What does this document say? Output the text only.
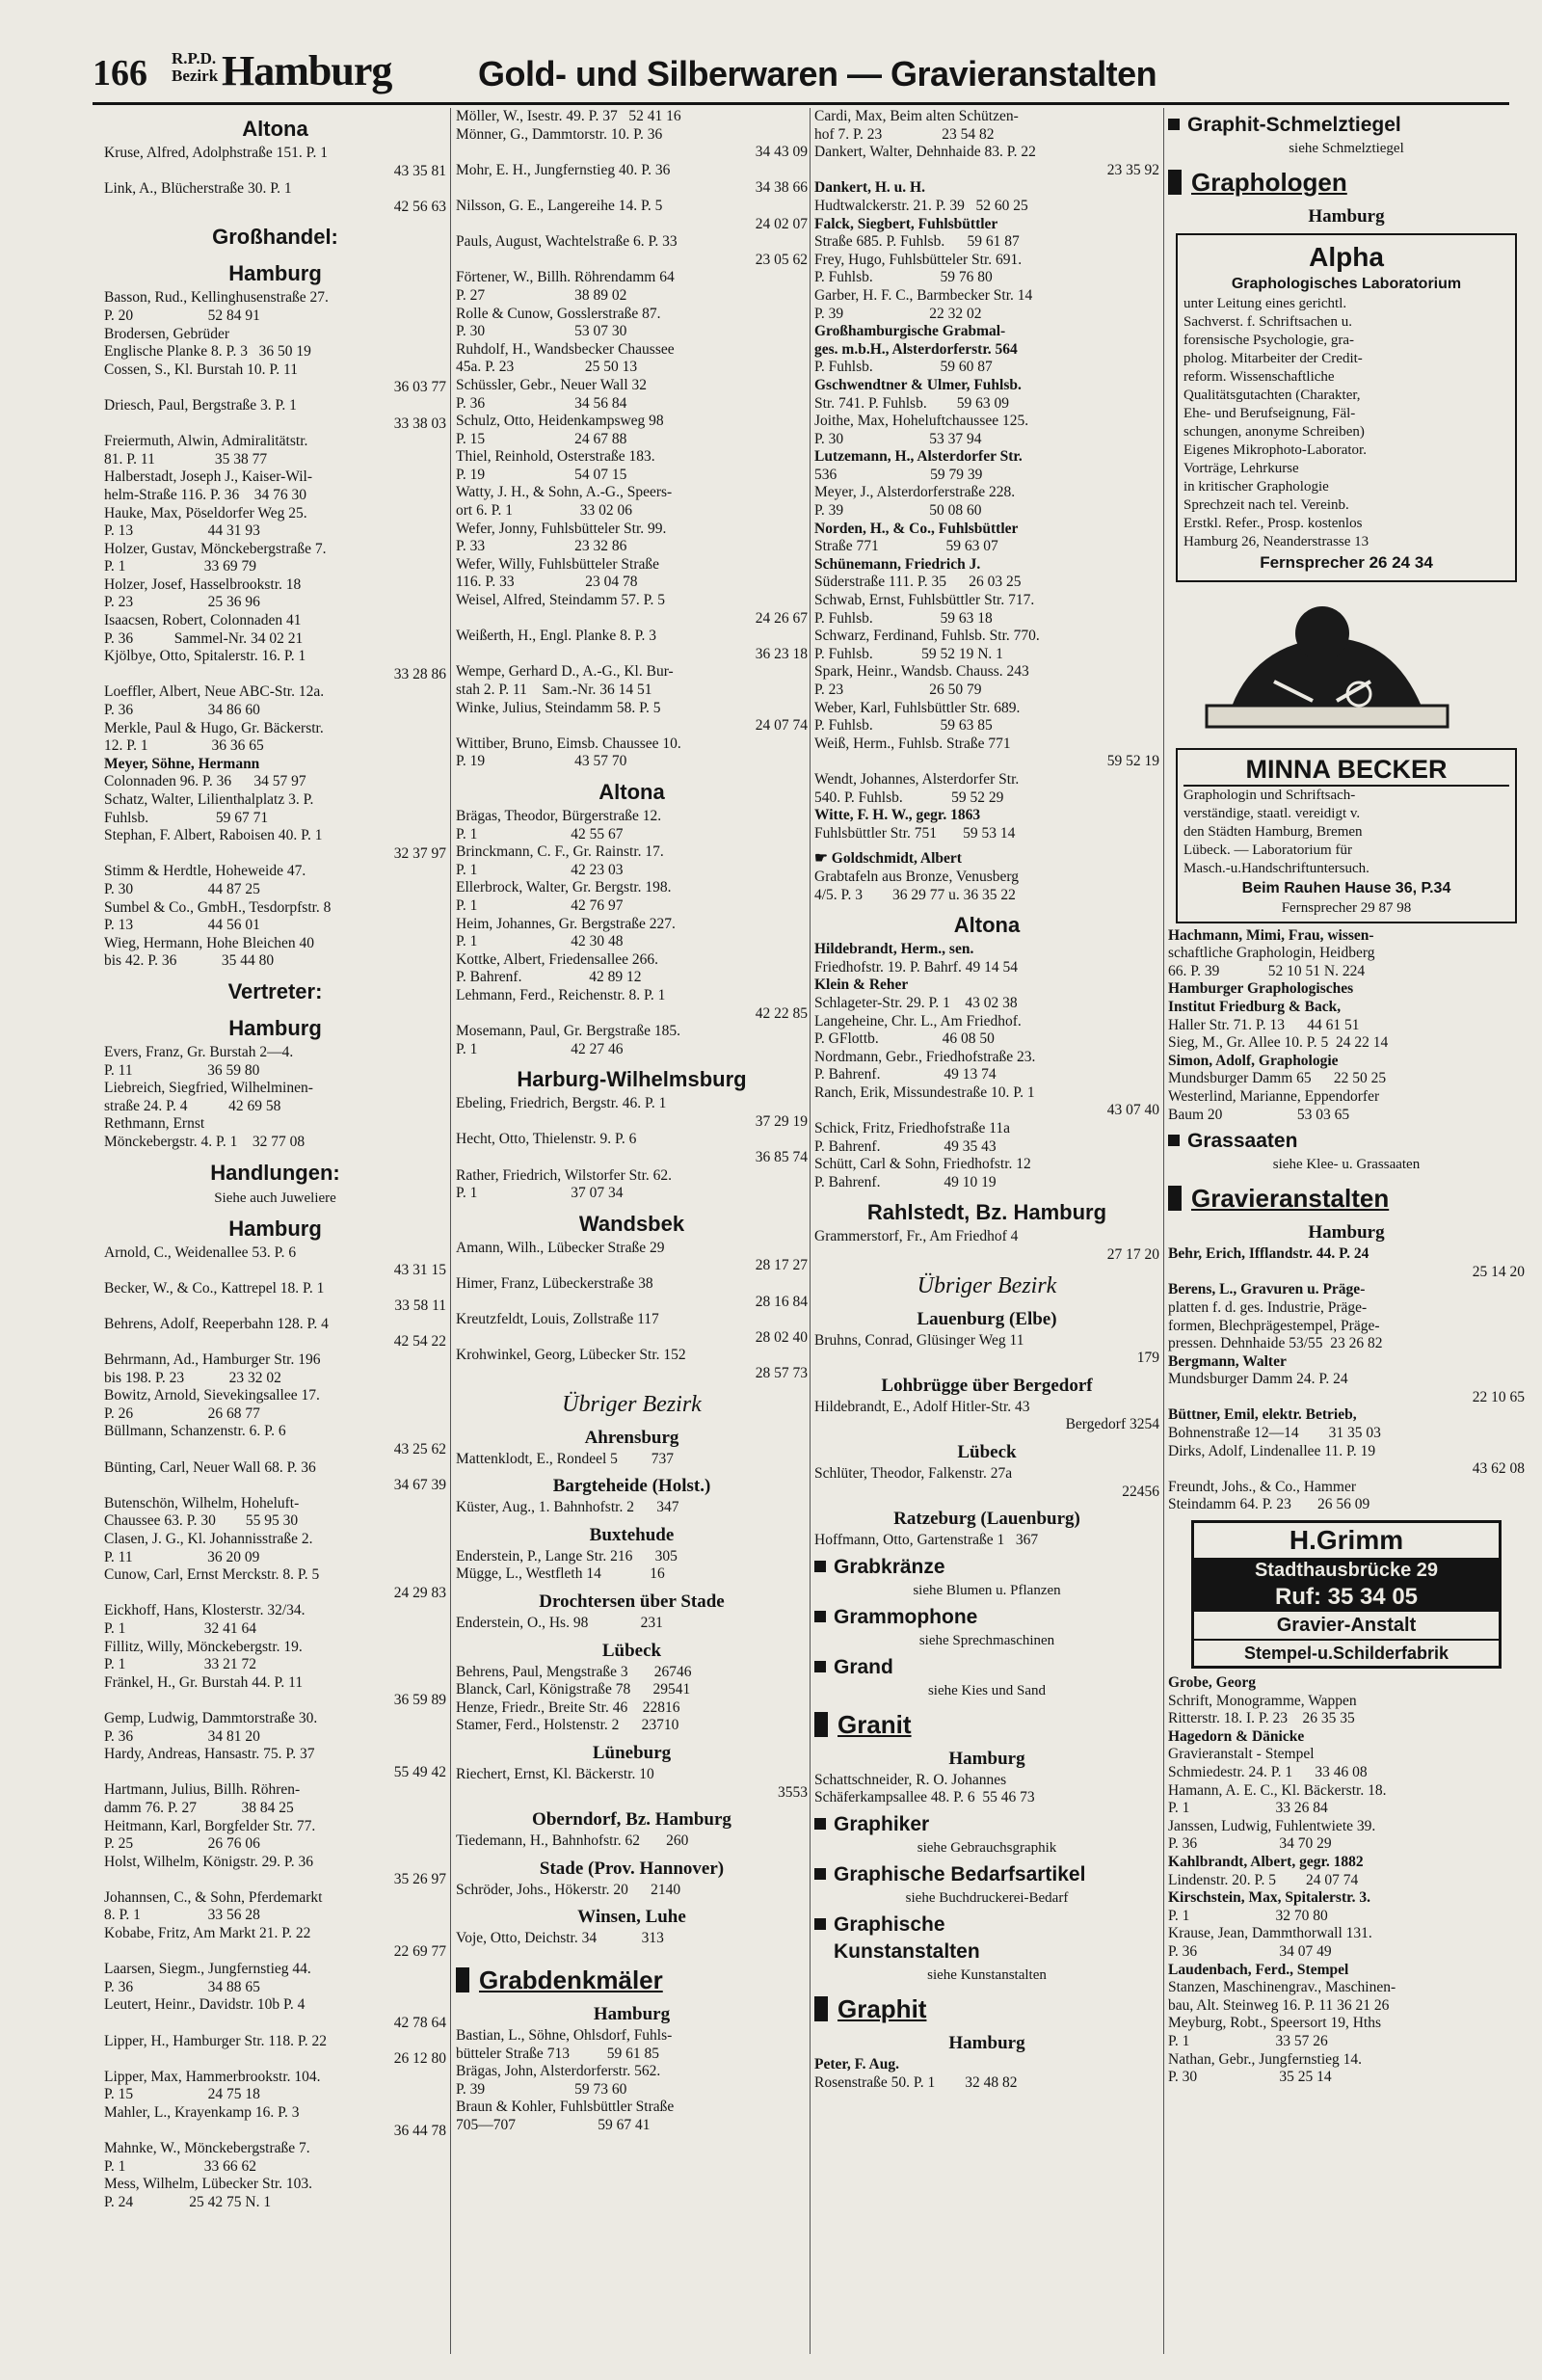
166 R.P.D.
Bezirk Hamburg Gold- und Silberwaren — Gravieranstalten
Altona
Kruse, Alfred, Adolphstraße 151. P. 1
43 35 81
Link, A., Blücherstraße 30. P. 1
42 56 63
Großhandel:
Hamburg
Basson, Rud., Kellinghusenstraße 27.
P. 20                    52 84 91
Brodersen, Gebrüder
Englische Planke 8. P. 3   36 50 19
Cossen, S., Kl. Burstah 10. P. 11
36 03 77
Driesch, Paul, Bergstraße 3. P. 1
33 38 03
Freiermuth, Alwin, Admiralitätstr.
81. P. 11                35 38 77
Halberstadt, Joseph J., Kaiser-Wil-
helm-Straße 116. P. 36    34 76 30
Hauke, Max, Pöseldorfer Weg 25.
P. 13                    44 31 93
Holzer, Gustav, Mönckebergstraße 7.
P. 1                     33 69 79
Holzer, Josef, Hasselbrookstr. 18
P. 23                    25 36 96
Isaacsen, Robert, Colonnaden 41
P. 36           Sammel-Nr. 34 02 21
Kjölbye, Otto, Spitalerstr. 16. P. 1
33 28 86
Loeffler, Albert, Neue ABC-Str. 12a.
P. 36                    34 86 60
Merkle, Paul & Hugo, Gr. Bäckerstr.
12. P. 1                 36 36 65
Meyer, Söhne, Hermann
Colonnaden 96. P. 36      34 57 97
Schatz, Walter, Lilienthalplatz 3. P.
Fuhlsb.                  59 67 71
Stephan, F. Albert, Raboisen 40. P. 1
32 37 97
Stimm & Herdtle, Hoheweide 47.
P. 30                    44 87 25
Sumbel & Co., GmbH., Tesdorpfstr. 8
P. 13                    44 56 01
Wieg, Hermann, Hohe Bleichen 40
bis 42. P. 36            35 44 80
Vertreter:
Hamburg
Evers, Franz, Gr. Burstah 2—4.
P. 11                    36 59 80
Liebreich, Siegfried, Wilhelminen-
straße 24. P. 4           42 69 58
Rethmann, Ernst
Mönckebergstr. 4. P. 1    32 77 08
Handlungen:
Siehe auch Juweliere
Hamburg
Arnold, C., Weidenallee 53. P. 6
43 31 15
Becker, W., & Co., Kattrepel 18. P. 1
33 58 11
Behrens, Adolf, Reeperbahn 128. P. 4
42 54 22
Behrmann, Ad., Hamburger Str. 196
bis 198. P. 23            23 32 02
Bowitz, Arnold, Sievekingsallee 17.
P. 26                    26 68 77
Büllmann, Schanzenstr. 6. P. 6
43 25 62
Bünting, Carl, Neuer Wall 68. P. 36
34 67 39
Butenschön, Wilhelm, Hoheluft-
Chaussee 63. P. 30        55 95 30
Clasen, J. G., Kl. Johannisstraße 2.
P. 11                    36 20 09
Cunow, Carl, Ernst Merckstr. 8. P. 5
24 29 83
Eickhoff, Hans, Klosterstr. 32/34.
P. 1                     32 41 64
Fillitz, Willy, Mönckebergstr. 19.
P. 1                     33 21 72
Fränkel, H., Gr. Burstah 44. P. 11
36 59 89
Gemp, Ludwig, Dammtorstraße 30.
P. 36                    34 81 20
Hardy, Andreas, Hansastr. 75. P. 37
55 49 42
Hartmann, Julius, Billh. Röhren-
damm 76. P. 27            38 84 25
Heitmann, Karl, Borgfelder Str. 77.
P. 25                    26 76 06
Holst, Wilhelm, Königstr. 29. P. 36
35 26 97
Johannsen, C., & Sohn, Pferdemarkt
8. P. 1                  33 56 28
Kobabe, Fritz, Am Markt 21. P. 22
22 69 77
Laarsen, Siegm., Jungfernstieg 44.
P. 36                    34 88 65
Leutert, Heinr., Davidstr. 10b P. 4
42 78 64
Lipper, H., Hamburger Str. 118. P. 22
26 12 80
Lipper, Max, Hammerbrookstr. 104.
P. 15                    24 75 18
Mahler, L., Krayenkamp 16. P. 3
36 44 78
Mahnke, W., Mönckebergstraße 7.
P. 1                     33 66 62
Mess, Wilhelm, Lübecker Str. 103.
P. 24               25 42 75 N. 1
Möller, W., Isestr. 49. P. 37   52 41 16
Mönner, G., Dammtorstr. 10. P. 36
34 43 09
Mohr, E. H., Jungfernstieg 40. P. 36
34 38 66
Nilsson, G. E., Langereihe 14. P. 5
24 02 07
Pauls, August, Wachtelstraße 6. P. 33
23 05 62
Förtener, W., Billh. Röhrendamm 64
P. 27                        38 89 02
Rolle & Cunow, Gosslerstraße 87.
P. 30                        53 07 30
Ruhdolf, H., Wandsbecker Chaussee
45a. P. 23                   25 50 13
Schüssler, Gebr., Neuer Wall 32
P. 36                        34 56 84
Schulz, Otto, Heidenkampsweg 98
P. 15                        24 67 88
Thiel, Reinhold, Osterstraße 183.
P. 19                        54 07 15
Watty, J. H., & Sohn, A.-G., Speers-
ort 6. P. 1                  33 02 06
Wefer, Jonny, Fuhlsbütteler Str. 99.
P. 33                        23 32 86
Wefer, Willy, Fuhlsbütteler Straße
116. P. 33                   23 04 78
Weisel, Alfred, Steindamm 57. P. 5
24 26 67
Weißerth, H., Engl. Planke 8. P. 3
36 23 18
Wempe, Gerhard D., A.-G., Kl. Bur-
stah 2. P. 11    Sam.-Nr. 36 14 51
Winke, Julius, Steindamm 58. P. 5
24 07 74
Wittiber, Bruno, Eimsb. Chaussee 10.
P. 19                        43 57 70
Altona
Brägas, Theodor, Bürgerstraße 12.
P. 1                         42 55 67
Brinckmann, C. F., Gr. Rainstr. 17.
P. 1                         42 23 03
Ellerbrock, Walter, Gr. Bergstr. 198.
P. 1                         42 76 97
Heim, Johannes, Gr. Bergstraße 227.
P. 1                         42 30 48
Kottke, Albert, Friedensallee 266.
P. Bahrenf.                  42 89 12
Lehmann, Ferd., Reichenstr. 8. P. 1
42 22 85
Mosemann, Paul, Gr. Bergstraße 185.
P. 1                         42 27 46
Harburg-Wilhelmsburg
Ebeling, Friedrich, Bergstr. 46. P. 1
37 29 19
Hecht, Otto, Thielenstr. 9. P. 6
36 85 74
Rather, Friedrich, Wilstorfer Str. 62.
P. 1                         37 07 34
Wandsbek
Amann, Wilh., Lübecker Straße 29
28 17 27
Himer, Franz, Lübeckerstraße 38
28 16 84
Kreutzfeldt, Louis, Zollstraße 117
28 02 40
Krohwinkel, Georg, Lübecker Str. 152
28 57 73
Übriger Bezirk
Ahrensburg
Mattenklodt, E., Rondeel 5         737
Bargteheide (Holst.)
Küster, Aug., 1. Bahnhofstr. 2      347
Buxtehude
Enderstein, P., Lange Str. 216      305
Mügge, L., Westfleth 14             16
Drochtersen über Stade
Enderstein, O., Hs. 98              231
Lübeck
Behrens, Paul, Mengstraße 3       26746
Blanck, Carl, Königstraße 78      29541
Henze, Friedr., Breite Str. 46    22816
Stamer, Ferd., Holstenstr. 2      23710
Lüneburg
Riechert, Ernst, Kl. Bäckerstr. 10
3553
Oberndorf, Bz. Hamburg
Tiedemann, H., Bahnhofstr. 62       260
Stade (Prov. Hannover)
Schröder, Johs., Hökerstr. 20      2140
Winsen, Luhe
Voje, Otto, Deichstr. 34            313
Grabdenkmäler
Hamburg
Bastian, L., Söhne, Ohlsdorf, Fuhls-
bütteler Straße 713          59 61 85
Brägas, John, Alsterdorferstr. 562.
P. 39                        59 73 60
Braun & Kohler, Fuhlsbüttler Straße
705—707                      59 67 41
Cardi, Max, Beim alten Schützen-
hof 7. P. 23                23 54 82
Dankert, Walter, Dehnhaide 83. P. 22
23 35 92
Dankert, H. u. H.
Hudtwalckerstr. 21. P. 39   52 60 25
Falck, Siegbert, Fuhlsbüttler
Straße 685. P. Fuhlsb.      59 61 87
Frey, Hugo, Fuhlsbütteler Str. 691.
P. Fuhlsb.                  59 76 80
Garber, H. F. C., Barmbecker Str. 14
P. 39                       22 32 02
Großhamburgische Grabmal-
ges. m.b.H., Alsterdorferstr. 564
P. Fuhlsb.                  59 60 87
Gschwendtner & Ulmer, Fuhlsb.
Str. 741. P. Fuhlsb.        59 63 09
Joithe, Max, Hoheluftchaussee 125.
P. 30                       53 37 94
Lutzemann, H., Alsterdorfer Str.
536                         59 79 39
Meyer, J., Alsterdorferstraße 228.
P. 39                       50 08 60
Norden, H., & Co., Fuhlsbüttler
Straße 771                  59 63 07
Schünemann, Friedrich J.
Süderstraße 111. P. 35      26 03 25
Schwab, Ernst, Fuhlsbüttler Str. 717.
P. Fuhlsb.                  59 63 18
Schwarz, Ferdinand, Fuhlsb. Str. 770.
P. Fuhlsb.             59 52 19 N. 1
Spark, Heinr., Wandsb. Chauss. 243
P. 23                       26 50 79
Weber, Karl, Fuhlsbüttler Str. 689.
P. Fuhlsb.                  59 63 85
Weiß, Herm., Fuhlsb. Straße 771
59 52 19
Wendt, Johannes, Alsterdorfer Str.
540. P. Fuhlsb.             59 52 29
Witte, F. H. W., gegr. 1863
Fuhlsbüttler Str. 751       59 53 14
☛ Goldschmidt, Albert
Grabtafeln aus Bronze, Venusberg
4/5. P. 3        36 29 77 u. 36 35 22
Altona
Hildebrandt, Herm., sen.
Friedhofstr. 19. P. Bahrf. 49 14 54
Klein & Reher
Schlageter-Str. 29. P. 1    43 02 38
Langeheine, Chr. L., Am Friedhof.
P. GFlottb.                 46 08 50
Nordmann, Gebr., Friedhofstraße 23.
P. Bahrenf.                 49 13 74
Ranch, Erik, Missundestraße 10. P. 1
43 07 40
Schick, Fritz, Friedhofstraße 11a
P. Bahrenf.                 49 35 43
Schütt, Carl & Sohn, Friedhofstr. 12
P. Bahrenf.                 49 10 19
Rahlstedt, Bz. Hamburg
Grammerstorf, Fr., Am Friedhof 4
27 17 20
Übriger Bezirk
Lauenburg (Elbe)
Bruhns, Conrad, Glüsinger Weg 11
179
Lohbrügge über Bergedorf
Hildebrandt, E., Adolf Hitler-Str. 43
Bergedorf 3254
Lübeck
Schlüter, Theodor, Falkenstr. 27a
22456
Ratzeburg (Lauenburg)
Hoffmann, Otto, Gartenstraße 1   367
Grabkränze
siehe Blumen u. Pflanzen
Grammophone
siehe Sprechmaschinen
Grand
siehe Kies und Sand
Granit
Hamburg
Schattschneider, R. O. Johannes
Schäferkampsallee 48. P. 6  55 46 73
Graphiker
siehe Gebrauchsgraphik
Graphische Bedarfsartikel
siehe Buchdruckerei-Bedarf
Graphische
Kunstanstalten
siehe Kunstanstalten
Graphit
Hamburg
Peter, F. Aug.
Rosenstraße 50. P. 1        32 48 82
Graphit-Schmelztiegel
siehe Schmelztiegel
Graphologen
Hamburg
Alpha
Graphologisches Laboratorium
unter Leitung eines gerichtl.
Sachverst. f. Schriftsachen u.
forensische Psychologie, gra-
pholog. Mitarbeiter der Credit-
reform. Wissenschaftliche
Qualitätsgutachten (Charakter,
Ehe- und Berufseignung, Fäl-
schungen, anonyme Schreiben)
Eigenes Mikrophoto-Laborator.
Vorträge, Lehrkurse
in kritischer Graphologie
Sprechzeit nach tel. Vereinb.
Erstkl. Refer., Prosp. kostenlos
Hamburg 26, Neanderstrasse 13
Fernsprecher 26 24 34
MINNA BECKER
Graphologin und Schriftsach-
verständige, staatl. vereidigt v.
den Städten Hamburg, Bremen
Lübeck. — Laboratorium für
Masch.-u.Handschriftuntersuch.
Beim Rauhen Hause 36, P.34
Fernsprecher 29 87 98
Hachmann, Mimi, Frau, wissen-
schaftliche Graphologin, Heidberg
66. P. 39             52 10 51 N. 224
Hamburger Graphologisches
Institut Friedburg & Back,
Haller Str. 71. P. 13      44 61 51
Sieg, M., Gr. Allee 10. P. 5  24 22 14
Simon, Adolf, Graphologie
Mundsburger Damm 65      22 50 25
Westerlind, Marianne, Eppendorfer
Baum 20                    53 03 65
Grassaaten
siehe Klee- u. Grassaaten
Gravieranstalten
Hamburg
Behr, Erich, Ifflandstr. 44. P. 24
25 14 20
Berens, L., Gravuren u. Präge-
platten f. d. ges. Industrie, Präge-
formen, Blechprägestempel, Präge-
pressen. Dehnhaide 53/55  23 26 82
Bergmann, Walter
Mundsburger Damm 24. P. 24
22 10 65
Büttner, Emil, elektr. Betrieb,
Bohnenstraße 12—14        31 35 03
Dirks, Adolf, Lindenallee 11. P. 19
43 62 08
Freundt, Johs., & Co., Hammer
Steindamm 64. P. 23       26 56 09
H.Grimm
Stadthausbrücke 29
Ruf: 35 34 05
Gravier-Anstalt
Stempel-u.Schilderfabrik
Grobe, Georg
Schrift, Monogramme, Wappen
Ritterstr. 18. I. P. 23    26 35 35
Hagedorn & Dänicke
Gravieranstalt - Stempel
Schmiedestr. 24. P. 1      33 46 08
Hamann, A. E. C., Kl. Bäckerstr. 18.
P. 1                       33 26 84
Janssen, Ludwig, Fuhlentwiete 39.
P. 36                      34 70 29
Kahlbrandt, Albert, gegr. 1882
Lindenstr. 20. P. 5        24 07 74
Kirschstein, Max, Spitalerstr. 3.
P. 1                       32 70 80
Krause, Jean, Dammthorwall 131.
P. 36                      34 07 49
Laudenbach, Ferd., Stempel
Stanzen, Maschinengrav., Maschinen-
bau, Alt. Steinweg 16. P. 11 36 21 26
Meyburg, Robt., Speersort 19, Hths
P. 1                       33 57 26
Nathan, Gebr., Jungfernstieg 14.
P. 30                      35 25 14
